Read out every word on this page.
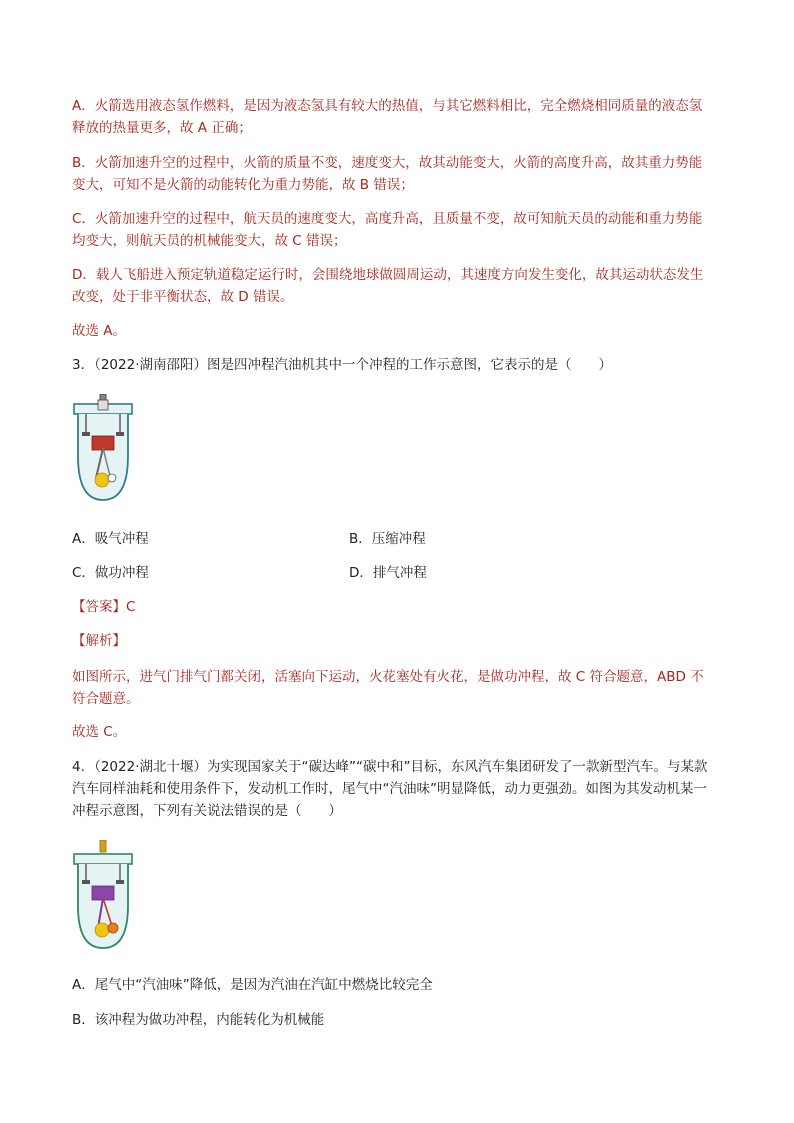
A．火箭选用液态氢作燃料，是因为液态氢具有较大的热值，与其它燃料相比，完全燃烧相同质量的液态氢
释放的热量更多，故 A 正确；
B．火箭加速升空的过程中，火箭的质量不变，速度变大，故其动能变大，火箭的高度升高，故其重力势能
变大，可知不是火箭的动能转化为重力势能，故 B 错误；
C．火箭加速升空的过程中，航天员的速度变大，高度升高，且质量不变，故可知航天员的动能和重力势能
均变大，则航天员的机械能变大，故 C 错误；
D．载人飞船进入预定轨道稳定运行时，会围绕地球做圆周运动，其速度方向发生变化，故其运动状态发生
改变，处于非平衡状态，故 D 错误。
故选 A。
3．（2022·湖南邵阳）图是四冲程汽油机其中一个冲程的工作示意图，它表示的是（　　）
A．吸气冲程	B．压缩冲程
C．做功冲程	D．排气冲程
【答案】C
【解析】
如图所示，进气门排气门都关闭，活塞向下运动，火花塞处有火花，是做功冲程，故 C 符合题意，ABD 不
符合题意。
故选 C。
4．（2022·湖北十堰）为实现国家关于“碳达峰”“碳中和”目标，东风汽车集团研发了一款新型汽车。与某款
汽车同样油耗和使用条件下，发动机工作时，尾气中“汽油味”明显降低，动力更强劲。如图为其发动机某一
冲程示意图，下列有关说法错误的是（　　）
A．尾气中“汽油味”降低，是因为汽油在汽缸中燃烧比较完全
B．该冲程为做功冲程，内能转化为机械能
